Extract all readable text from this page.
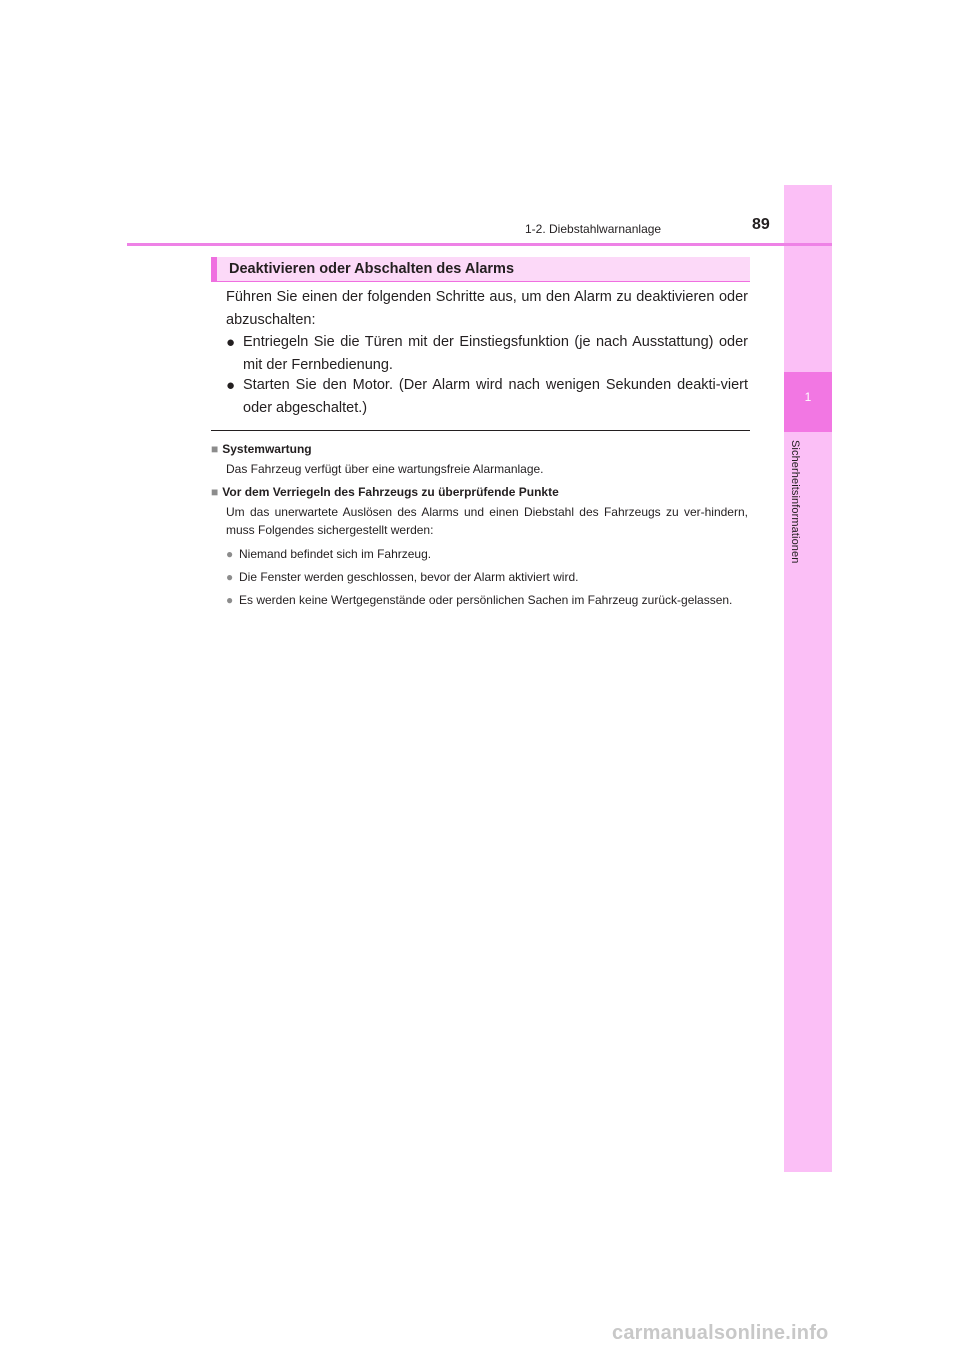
1
Sicherheitsinformationen
1-2. Diebstahlwarnanlage	89
Deaktivieren oder Abschalten des Alarms
Führen Sie einen der folgenden Schritte aus, um den Alarm zu deaktivieren oder abzuschalten:
● Entriegeln Sie die Türen mit der Einstiegsfunktion (je nach Ausstattung) oder mit der Fernbedienung.
● Starten Sie den Motor. (Der Alarm wird nach wenigen Sekunden deakti-viert oder abgeschaltet.)
■ Systemwartung
Das Fahrzeug verfügt über eine wartungsfreie Alarmanlage.
■ Vor dem Verriegeln des Fahrzeugs zu überprüfende Punkte
Um das unerwartete Auslösen des Alarms und einen Diebstahl des Fahrzeugs zu ver-hindern, muss Folgendes sichergestellt werden:
● Niemand befindet sich im Fahrzeug.
● Die Fenster werden geschlossen, bevor der Alarm aktiviert wird.
● Es werden keine Wertgegenstände oder persönlichen Sachen im Fahrzeug zurück-gelassen.
carmanualsonline.info
